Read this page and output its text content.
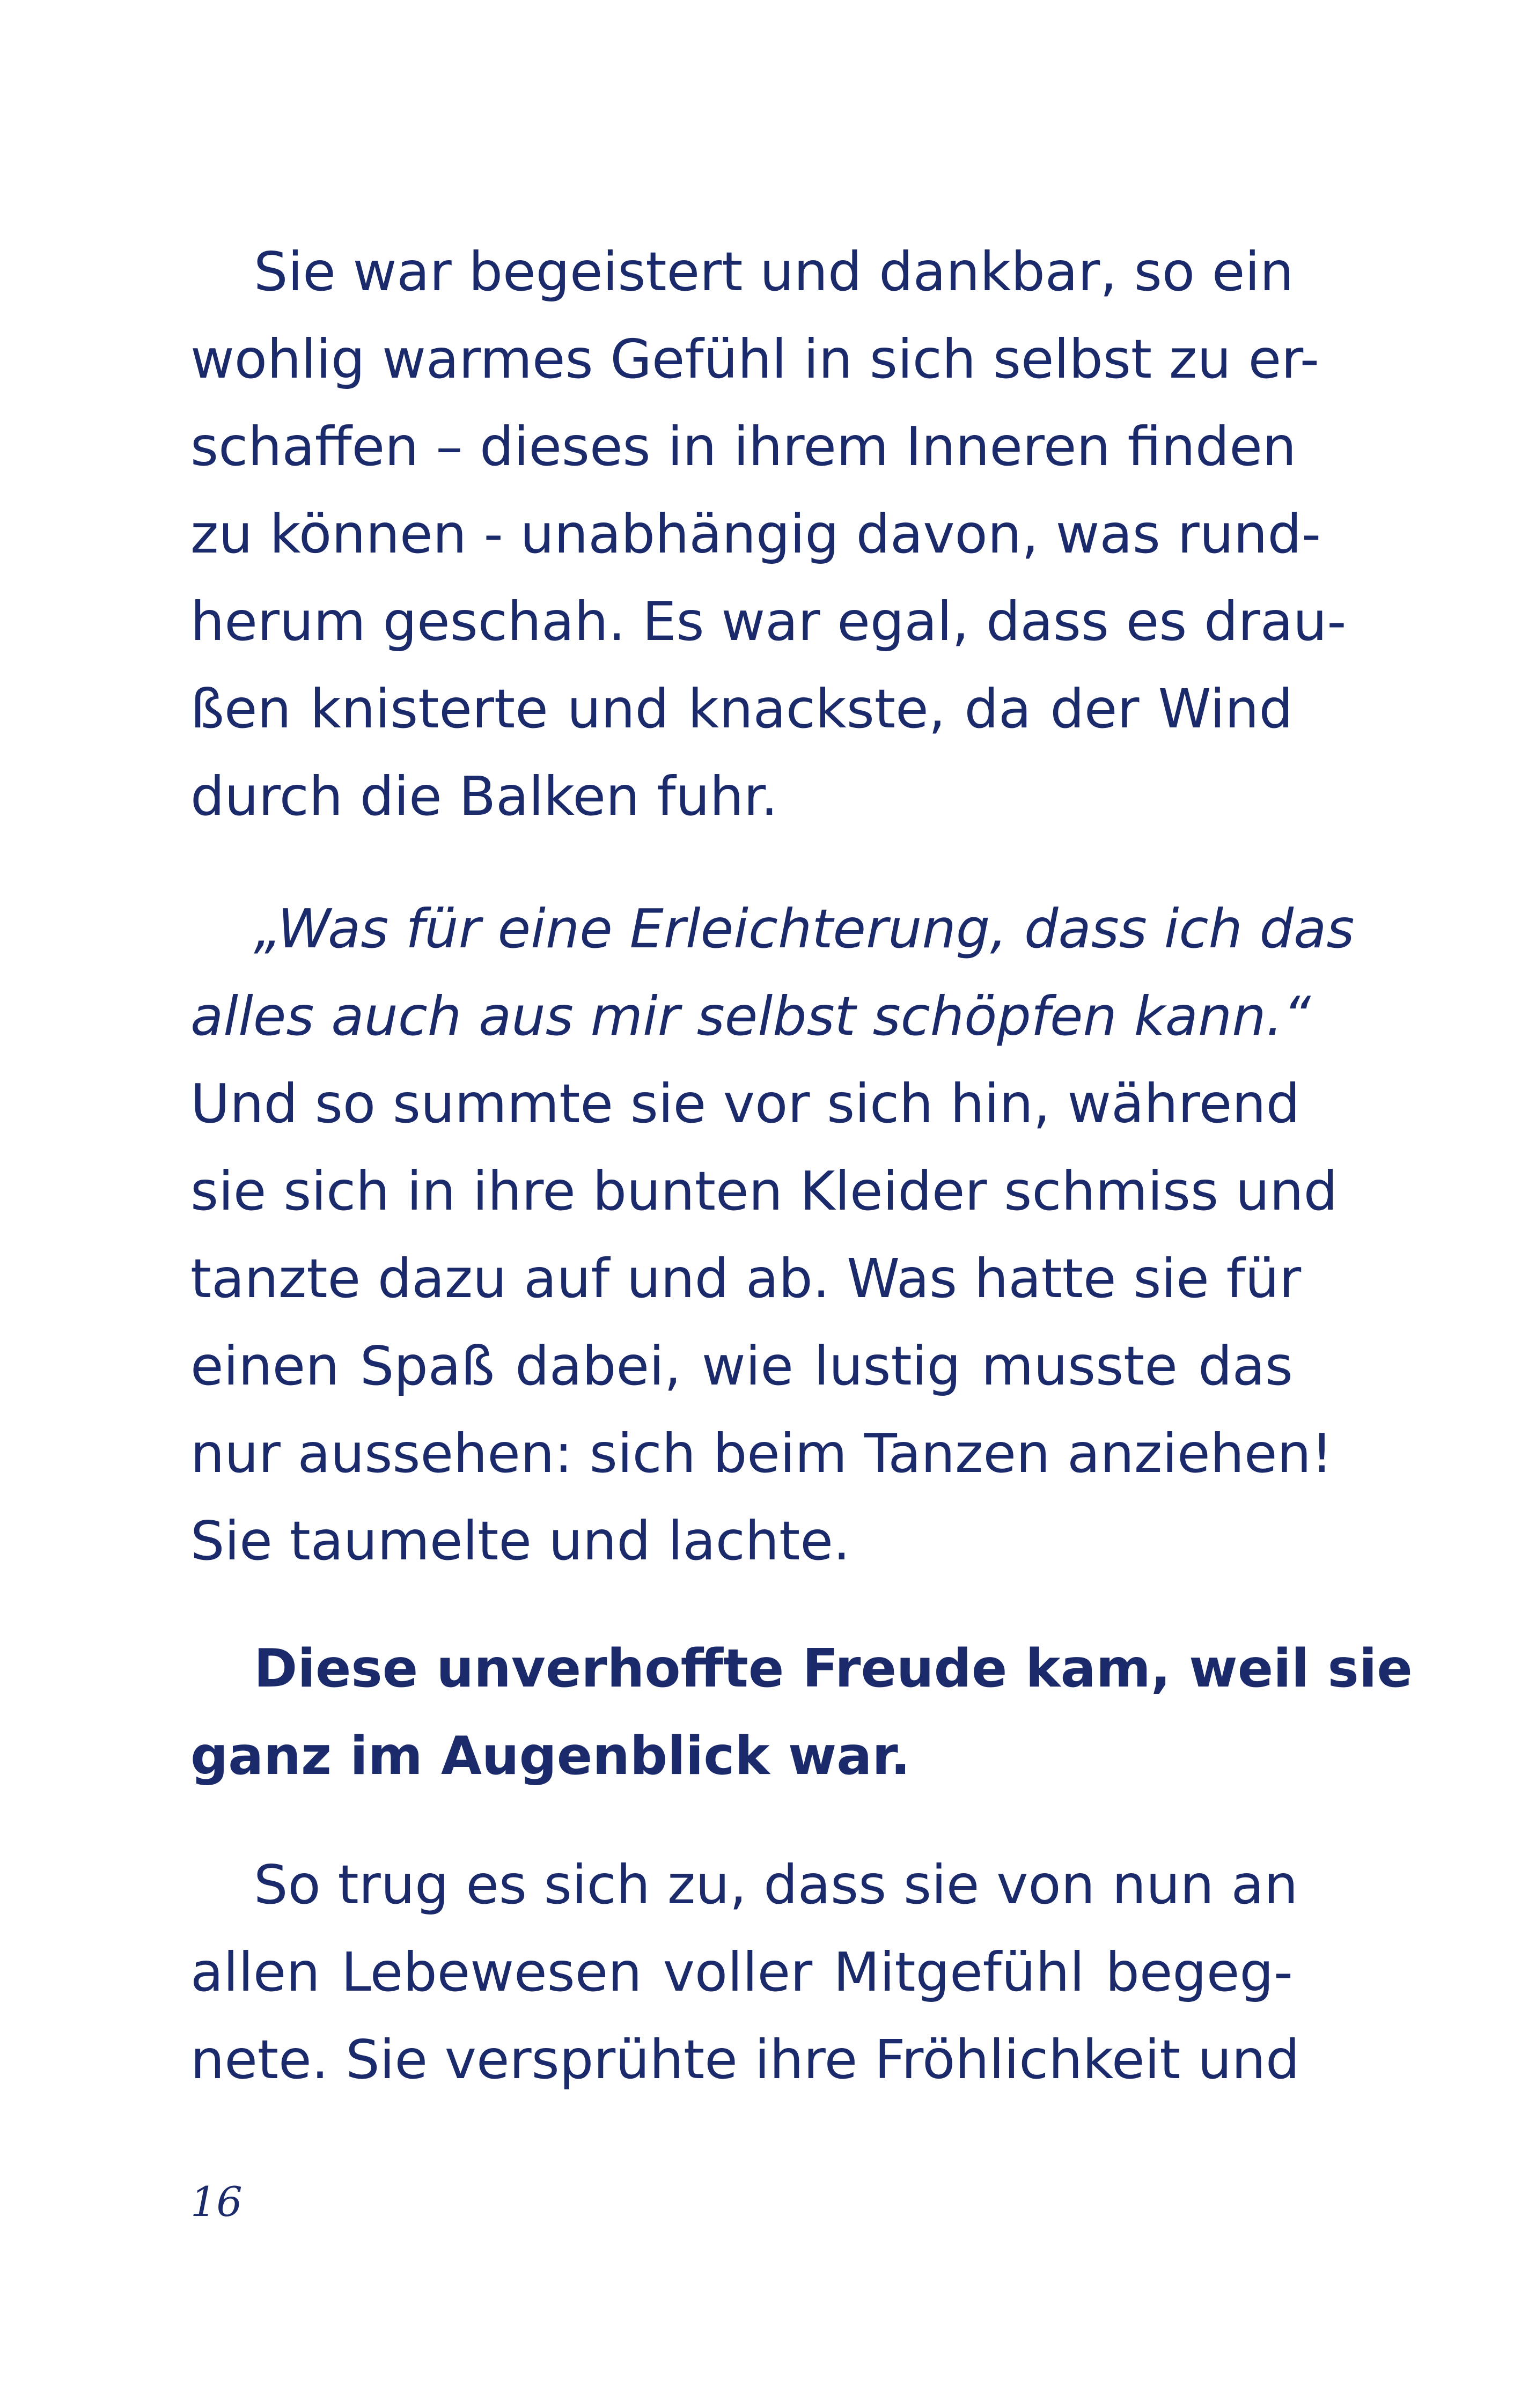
Sie war begeistert und dankbar, so ein
wohlig warmes Gefühl in sich selbst zu er-
schaffen – dieses in ihrem Inneren finden
zu können - unabhängig davon, was rund-
herum geschah. Es war egal, dass es drau-
ßen knisterte und knackste, da der Wind
durch die Balken fuhr.
„Was für eine Erleichterung, dass ich das
alles auch aus mir selbst schöpfen kann.“
Und so summte sie vor sich hin, während
sie sich in ihre bunten Kleider schmiss und
tanzte dazu auf und ab. Was hatte sie für
einen Spaß dabei, wie lustig musste das
nur aussehen: sich beim Tanzen anziehen!
Sie taumelte und lachte.
Diese unverhoffte Freude kam, weil sie
ganz im Augenblick war.
So trug es sich zu, dass sie von nun an
allen Lebewesen voller Mitgefühl begeg-
nete. Sie versprühte ihre Fröhlichkeit und
16
